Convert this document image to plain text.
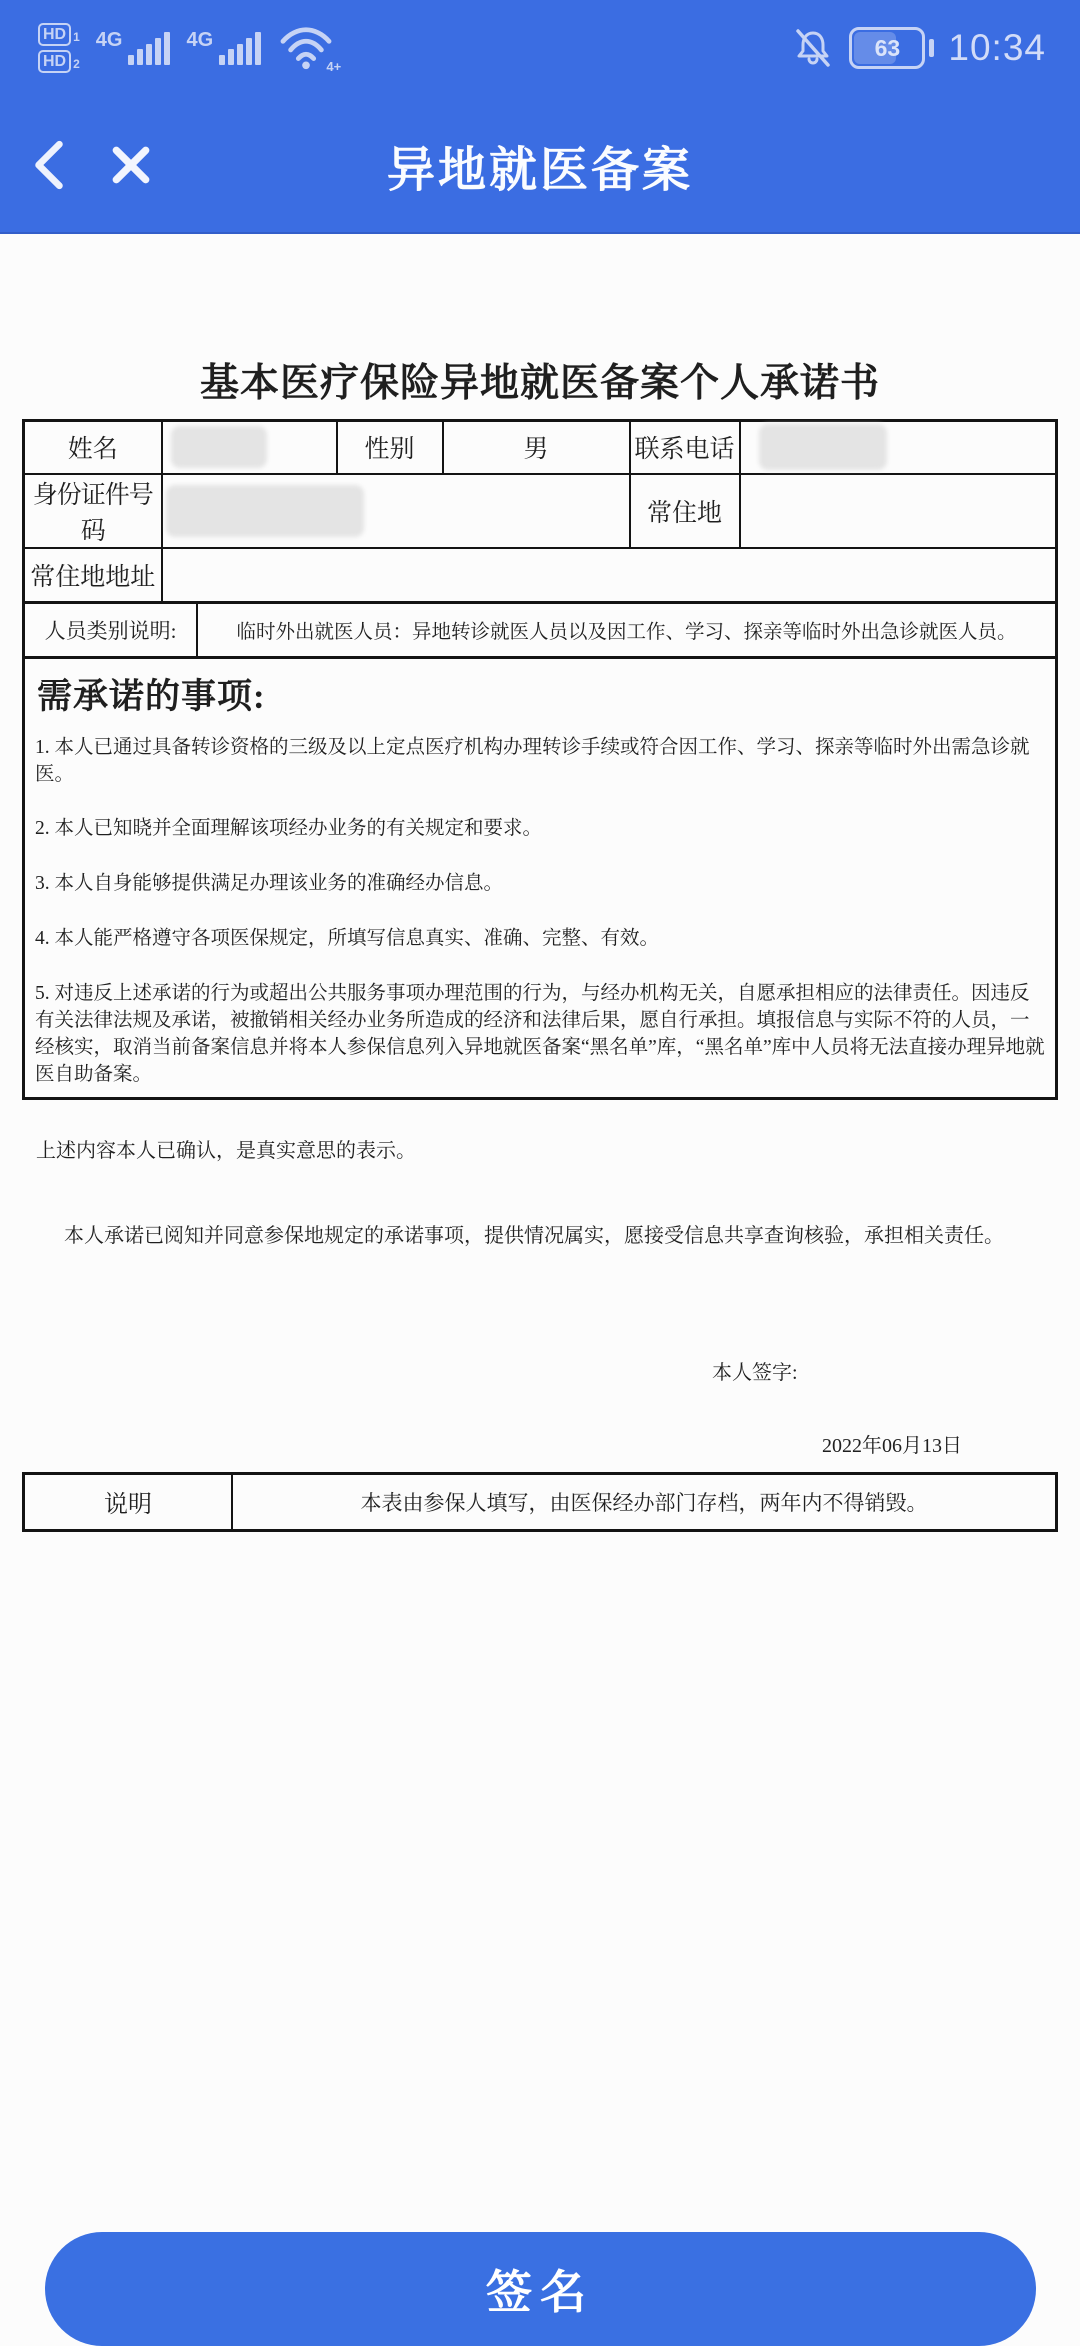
HD 1
HD 2
4G	4G
4+
63 10:34
异地就医备案
基本医疗保险异地就医备案个人承诺书
姓名		性别	男	联系电话	

身份证件号码				常住地	
常住地地址					
人员类别说明:	临时外出就医人员：异地转诊就医人员以及因工作、学习、探亲等临时外出急诊就医人员。
需承诺的事项:
1. 本人已通过具备转诊资格的三级及以上定点医疗机构办理转诊手续或符合因工作、学习、探亲等临时外出需急诊就医。
2. 本人已知晓并全面理解该项经办业务的有关规定和要求。
3. 本人自身能够提供满足办理该业务的准确经办信息。
4. 本人能严格遵守各项医保规定，所填写信息真实、准确、完整、有效。
5. 对违反上述承诺的行为或超出公共服务事项办理范围的行为，与经办机构无关，自愿承担相应的法律责任。因违反有关法律法规及承诺，被撤销相关经办业务所造成的经济和法律后果，愿自行承担。填报信息与实际不符的人员，一经核实，取消当前备案信息并将本人参保信息列入异地就医备案“黑名单”库，“黑名单”库中人员将无法直接办理异地就医自助备案。

上述内容本人已确认，是真实意思的表示。

本人承诺已阅知并同意参保地规定的承诺事项，提供情况属实，愿接受信息共享查询核验，承担相关责任。

本人签字:
2022年06月13日
说明	本表由参保人填写，由医保经办部门存档，两年内不得销毁。
签名
